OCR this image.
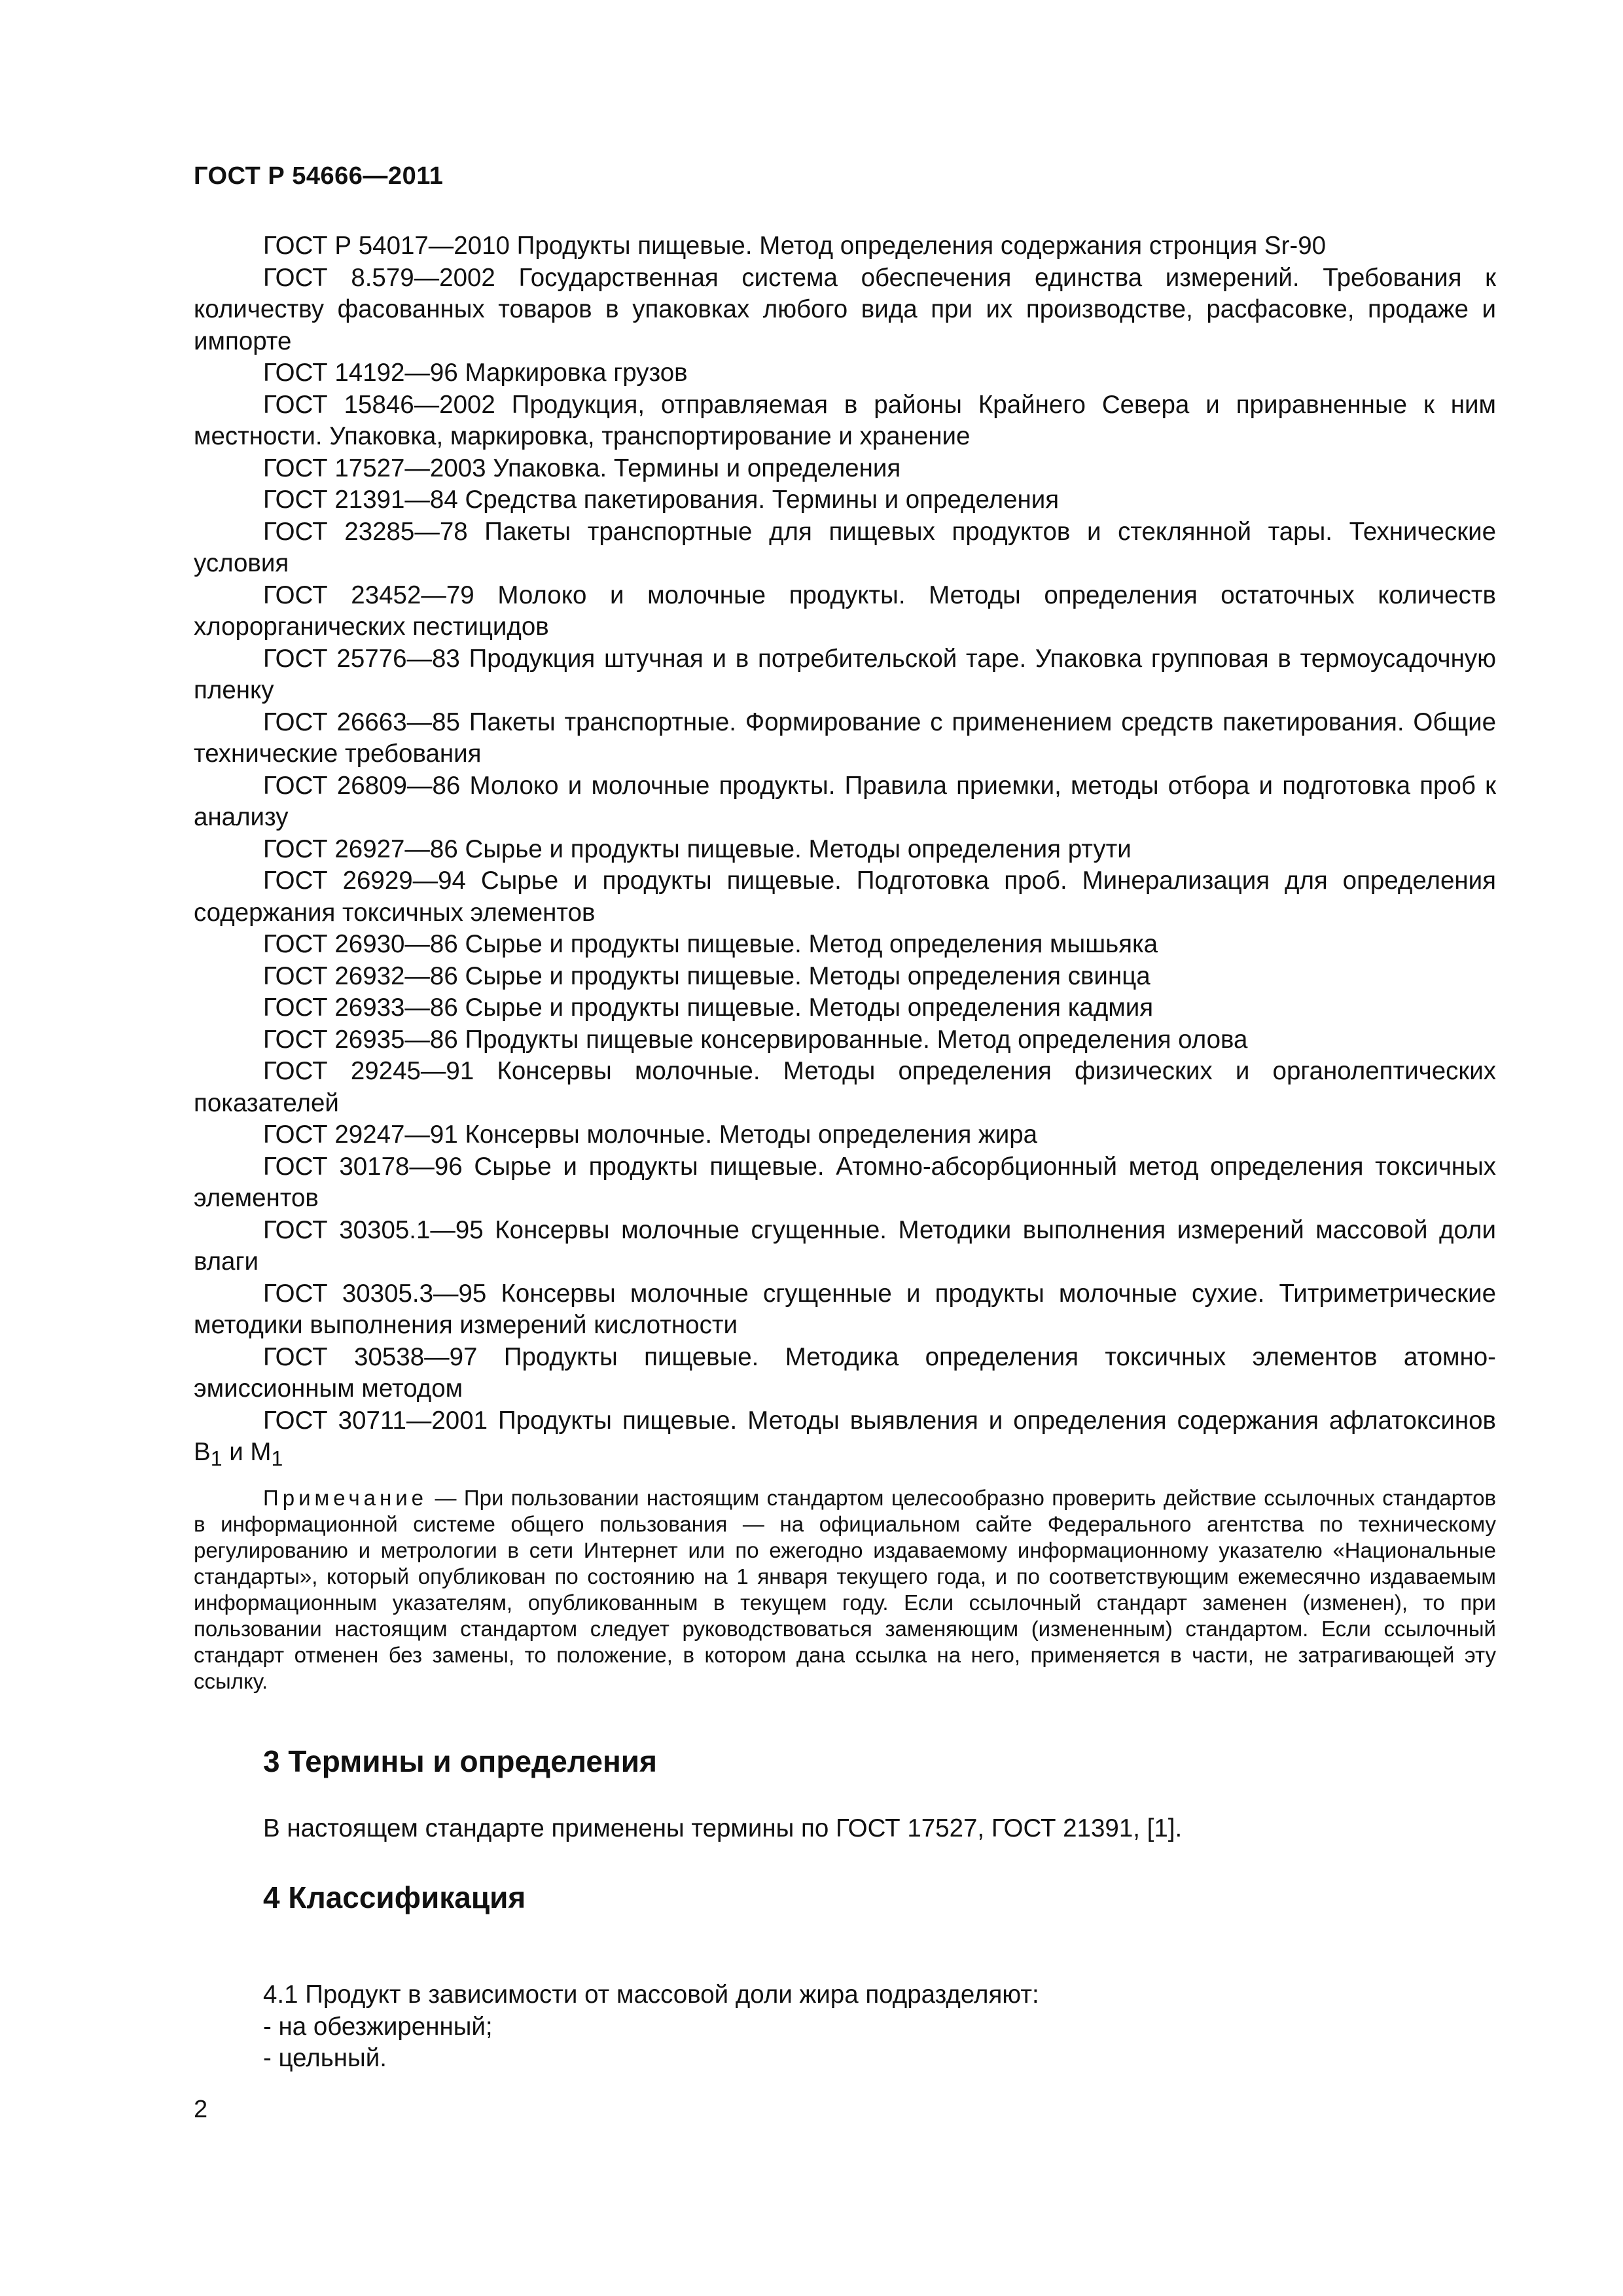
ГОСТ Р 54666—2011

ГОСТ Р 54017—2010 Продукты пищевые. Метод определения содержания стронция Sr-90

ГОСТ 8.579—2002 Государственная система обеспечения единства измерений. Требования к количеству фасованных товаров в упаковках любого вида при их производстве, расфасовке, продаже и импорте

ГОСТ 14192—96 Маркировка грузов

ГОСТ 15846—2002 Продукция, отправляемая в районы Крайнего Севера и приравненные к ним местности. Упаковка, маркировка, транспортирование и хранение

ГОСТ 17527—2003 Упаковка. Термины и определения

ГОСТ 21391—84 Средства пакетирования. Термины и определения

ГОСТ 23285—78 Пакеты транспортные для пищевых продуктов и стеклянной тары. Технические условия

ГОСТ 23452—79 Молоко и молочные продукты. Методы определения остаточных количеств хлорорганических пестицидов

ГОСТ 25776—83 Продукция штучная и в потребительской таре. Упаковка групповая в термоусадочную пленку

ГОСТ 26663—85 Пакеты транспортные. Формирование с применением средств пакетирования. Общие технические требования

ГОСТ 26809—86 Молоко и молочные продукты. Правила приемки, методы отбора и подготовка проб к анализу

ГОСТ 26927—86 Сырье и продукты пищевые. Методы определения ртути

ГОСТ 26929—94 Сырье и продукты пищевые. Подготовка проб. Минерализация для определения содержания токсичных элементов

ГОСТ 26930—86 Сырье и продукты пищевые. Метод определения мышьяка

ГОСТ 26932—86 Сырье и продукты пищевые. Методы определения свинца

ГОСТ 26933—86 Сырье и продукты пищевые. Методы определения кадмия

ГОСТ 26935—86 Продукты пищевые консервированные. Метод определения олова

ГОСТ 29245—91 Консервы молочные. Методы определения физических и органолептических показателей

ГОСТ 29247—91 Консервы молочные. Методы определения жира

ГОСТ 30178—96 Сырье и продукты пищевые. Атомно-абсорбционный метод определения токсичных элементов

ГОСТ 30305.1—95 Консервы молочные сгущенные. Методики выполнения измерений массовой доли влаги

ГОСТ 30305.3—95 Консервы молочные сгущенные и продукты молочные сухие. Титриметрические методики выполнения измерений кислотности

ГОСТ 30538—97 Продукты пищевые. Методика определения токсичных элементов атомно-эмиссионным методом

ГОСТ 30711—2001 Продукты пищевые. Методы выявления и определения содержания афлатоксинов $В_1$ и $М_1$

Примечание — При пользовании настоящим стандартом целесообразно проверить действие ссылочных стандартов в информационной системе общего пользования — на официальном сайте Федерального агентства по техническому регулированию и метрологии в сети Интернет или по ежегодно издаваемому информационному указателю «Национальные стандарты», который опубликован по состоянию на 1 января текущего года, и по соответствующим ежемесячно издаваемым информационным указателям, опубликованным в текущем году. Если ссылочный стандарт заменен (изменен), то при пользовании настоящим стандартом следует руководствоваться заменяющим (измененным) стандартом. Если ссылочный стандарт отменен без замены, то положение, в котором дана ссылка на него, применяется в части, не затрагивающей эту ссылку.

3 Термины и определения

В настоящем стандарте применены термины по ГОСТ 17527, ГОСТ 21391, [1].

4 Классификация

4.1 Продукт в зависимости от массовой доли жира подразделяют:

- на обезжиренный;

- цельный.

2
